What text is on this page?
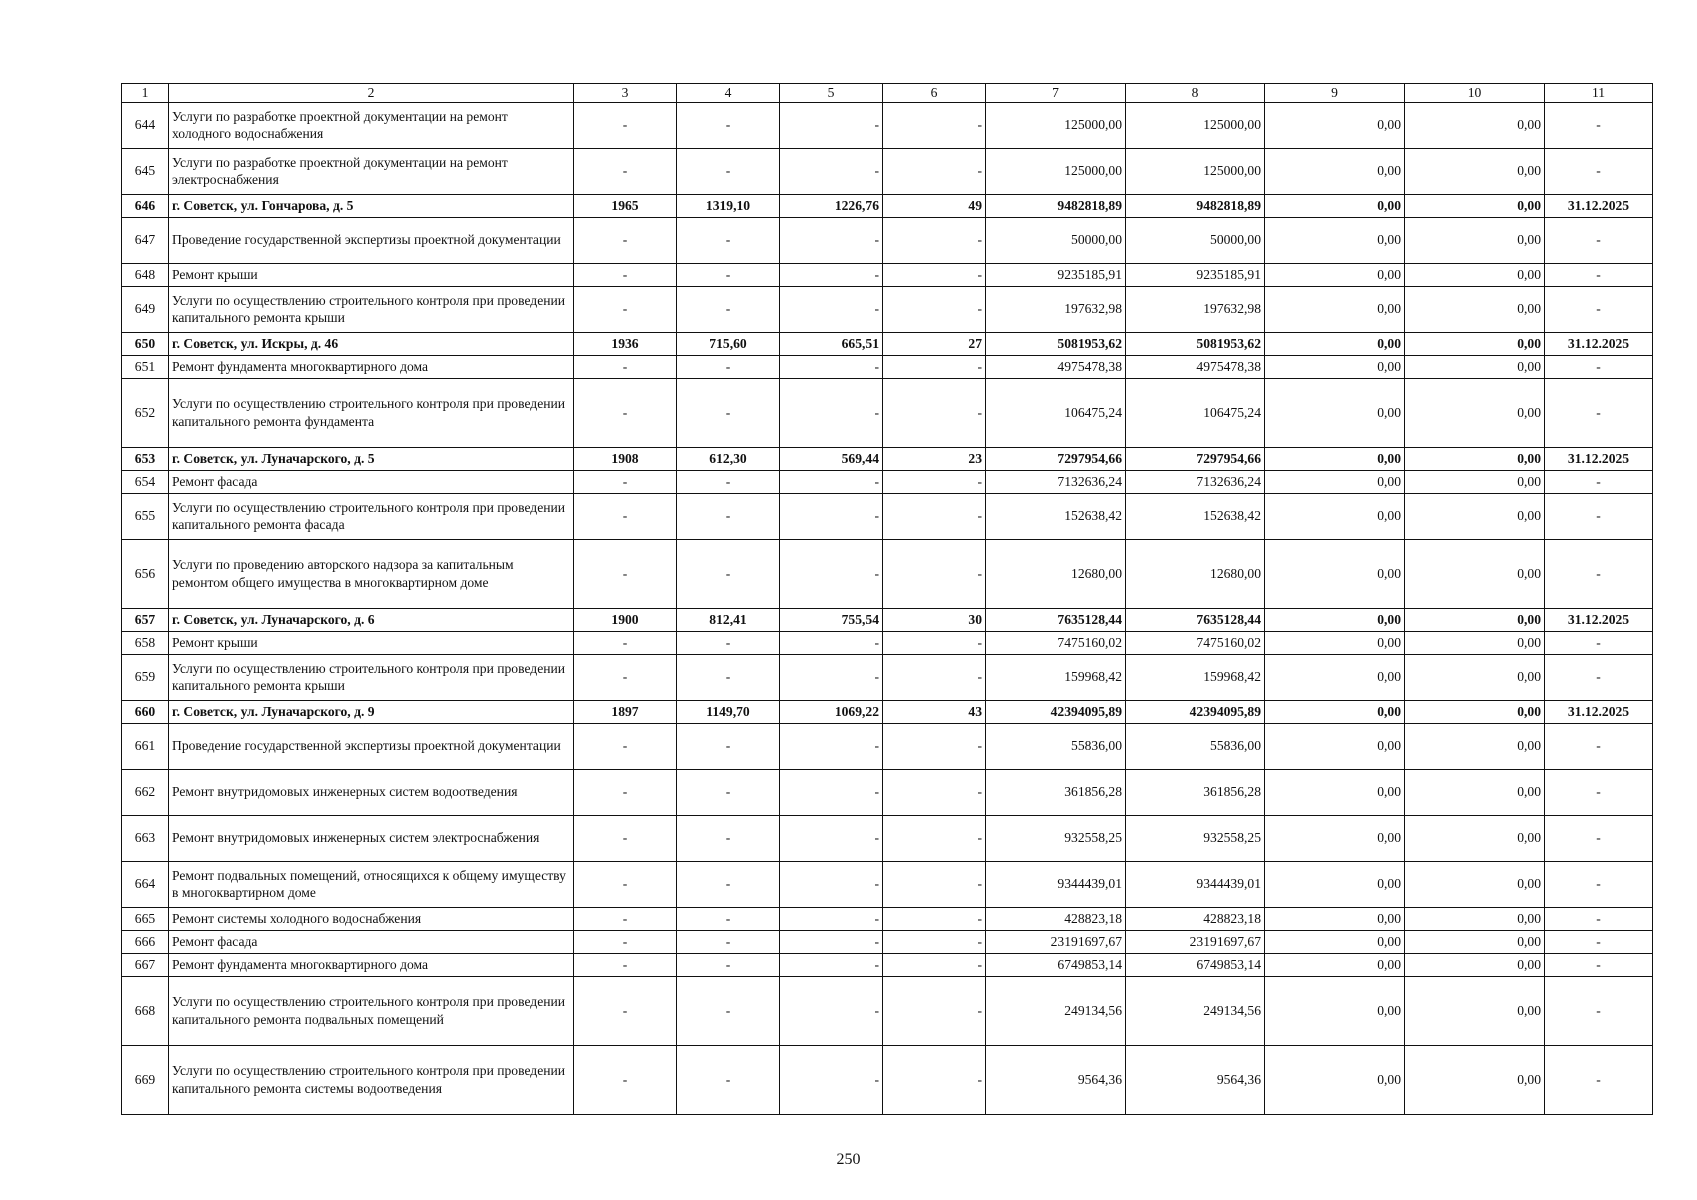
1	2	3	4	5	6	7	8	9	10	11
644	Услуги по разработке проектной документации на ремонт холодного водоснабжения	-	-	-	-	125000,00	125000,00	0,00	0,00	-
645	Услуги по разработке проектной документации на ремонт электроснабжения	-	-	-	-	125000,00	125000,00	0,00	0,00	-
646	г. Советск, ул. Гончарова, д. 5	1965	1319,10	1226,76	49	9482818,89	9482818,89	0,00	0,00	31.12.2025
647	Проведение государственной экспертизы проектной документации	-	-	-	-	50000,00	50000,00	0,00	0,00	-
648	Ремонт крыши	-	-	-	-	9235185,91	9235185,91	0,00	0,00	-
649	Услуги по осуществлению строительного контроля при проведении капитального ремонта крыши	-	-	-	-	197632,98	197632,98	0,00	0,00	-
650	г. Советск, ул. Искры, д. 46	1936	715,60	665,51	27	5081953,62	5081953,62	0,00	0,00	31.12.2025
651	Ремонт фундамента многоквартирного дома	-	-	-	-	4975478,38	4975478,38	0,00	0,00	-
652	Услуги по осуществлению строительного контроля при проведении капитального ремонта фундамента	-	-	-	-	106475,24	106475,24	0,00	0,00	-
653	г. Советск, ул. Луначарского, д. 5	1908	612,30	569,44	23	7297954,66	7297954,66	0,00	0,00	31.12.2025
654	Ремонт фасада	-	-	-	-	7132636,24	7132636,24	0,00	0,00	-
655	Услуги по осуществлению строительного контроля при проведении капитального ремонта фасада	-	-	-	-	152638,42	152638,42	0,00	0,00	-
656	Услуги по проведению авторского надзора за капитальным ремонтом общего имущества в многоквартирном доме	-	-	-	-	12680,00	12680,00	0,00	0,00	-
657	г. Советск, ул. Луначарского, д. 6	1900	812,41	755,54	30	7635128,44	7635128,44	0,00	0,00	31.12.2025
658	Ремонт крыши	-	-	-	-	7475160,02	7475160,02	0,00	0,00	-
659	Услуги по осуществлению строительного контроля при проведении капитального ремонта крыши	-	-	-	-	159968,42	159968,42	0,00	0,00	-
660	г. Советск, ул. Луначарского, д. 9	1897	1149,70	1069,22	43	42394095,89	42394095,89	0,00	0,00	31.12.2025
661	Проведение государственной экспертизы проектной документации	-	-	-	-	55836,00	55836,00	0,00	0,00	-
662	Ремонт внутридомовых инженерных систем водоотведения	-	-	-	-	361856,28	361856,28	0,00	0,00	-
663	Ремонт внутридомовых инженерных систем электроснабжения	-	-	-	-	932558,25	932558,25	0,00	0,00	-
664	Ремонт подвальных помещений, относящихся к общему имуществу в многоквартирном доме	-	-	-	-	9344439,01	9344439,01	0,00	0,00	-
665	Ремонт системы холодного водоснабжения	-	-	-	-	428823,18	428823,18	0,00	0,00	-
666	Ремонт фасада	-	-	-	-	23191697,67	23191697,67	0,00	0,00	-
667	Ремонт фундамента многоквартирного дома	-	-	-	-	6749853,14	6749853,14	0,00	0,00	-
668	Услуги по осуществлению строительного контроля при проведении капитального ремонта подвальных помещений	-	-	-	-	249134,56	249134,56	0,00	0,00	-
669	Услуги по осуществлению строительного контроля при проведении капитального ремонта системы водоотведения	-	-	-	-	9564,36	9564,36	0,00	0,00	-
250
